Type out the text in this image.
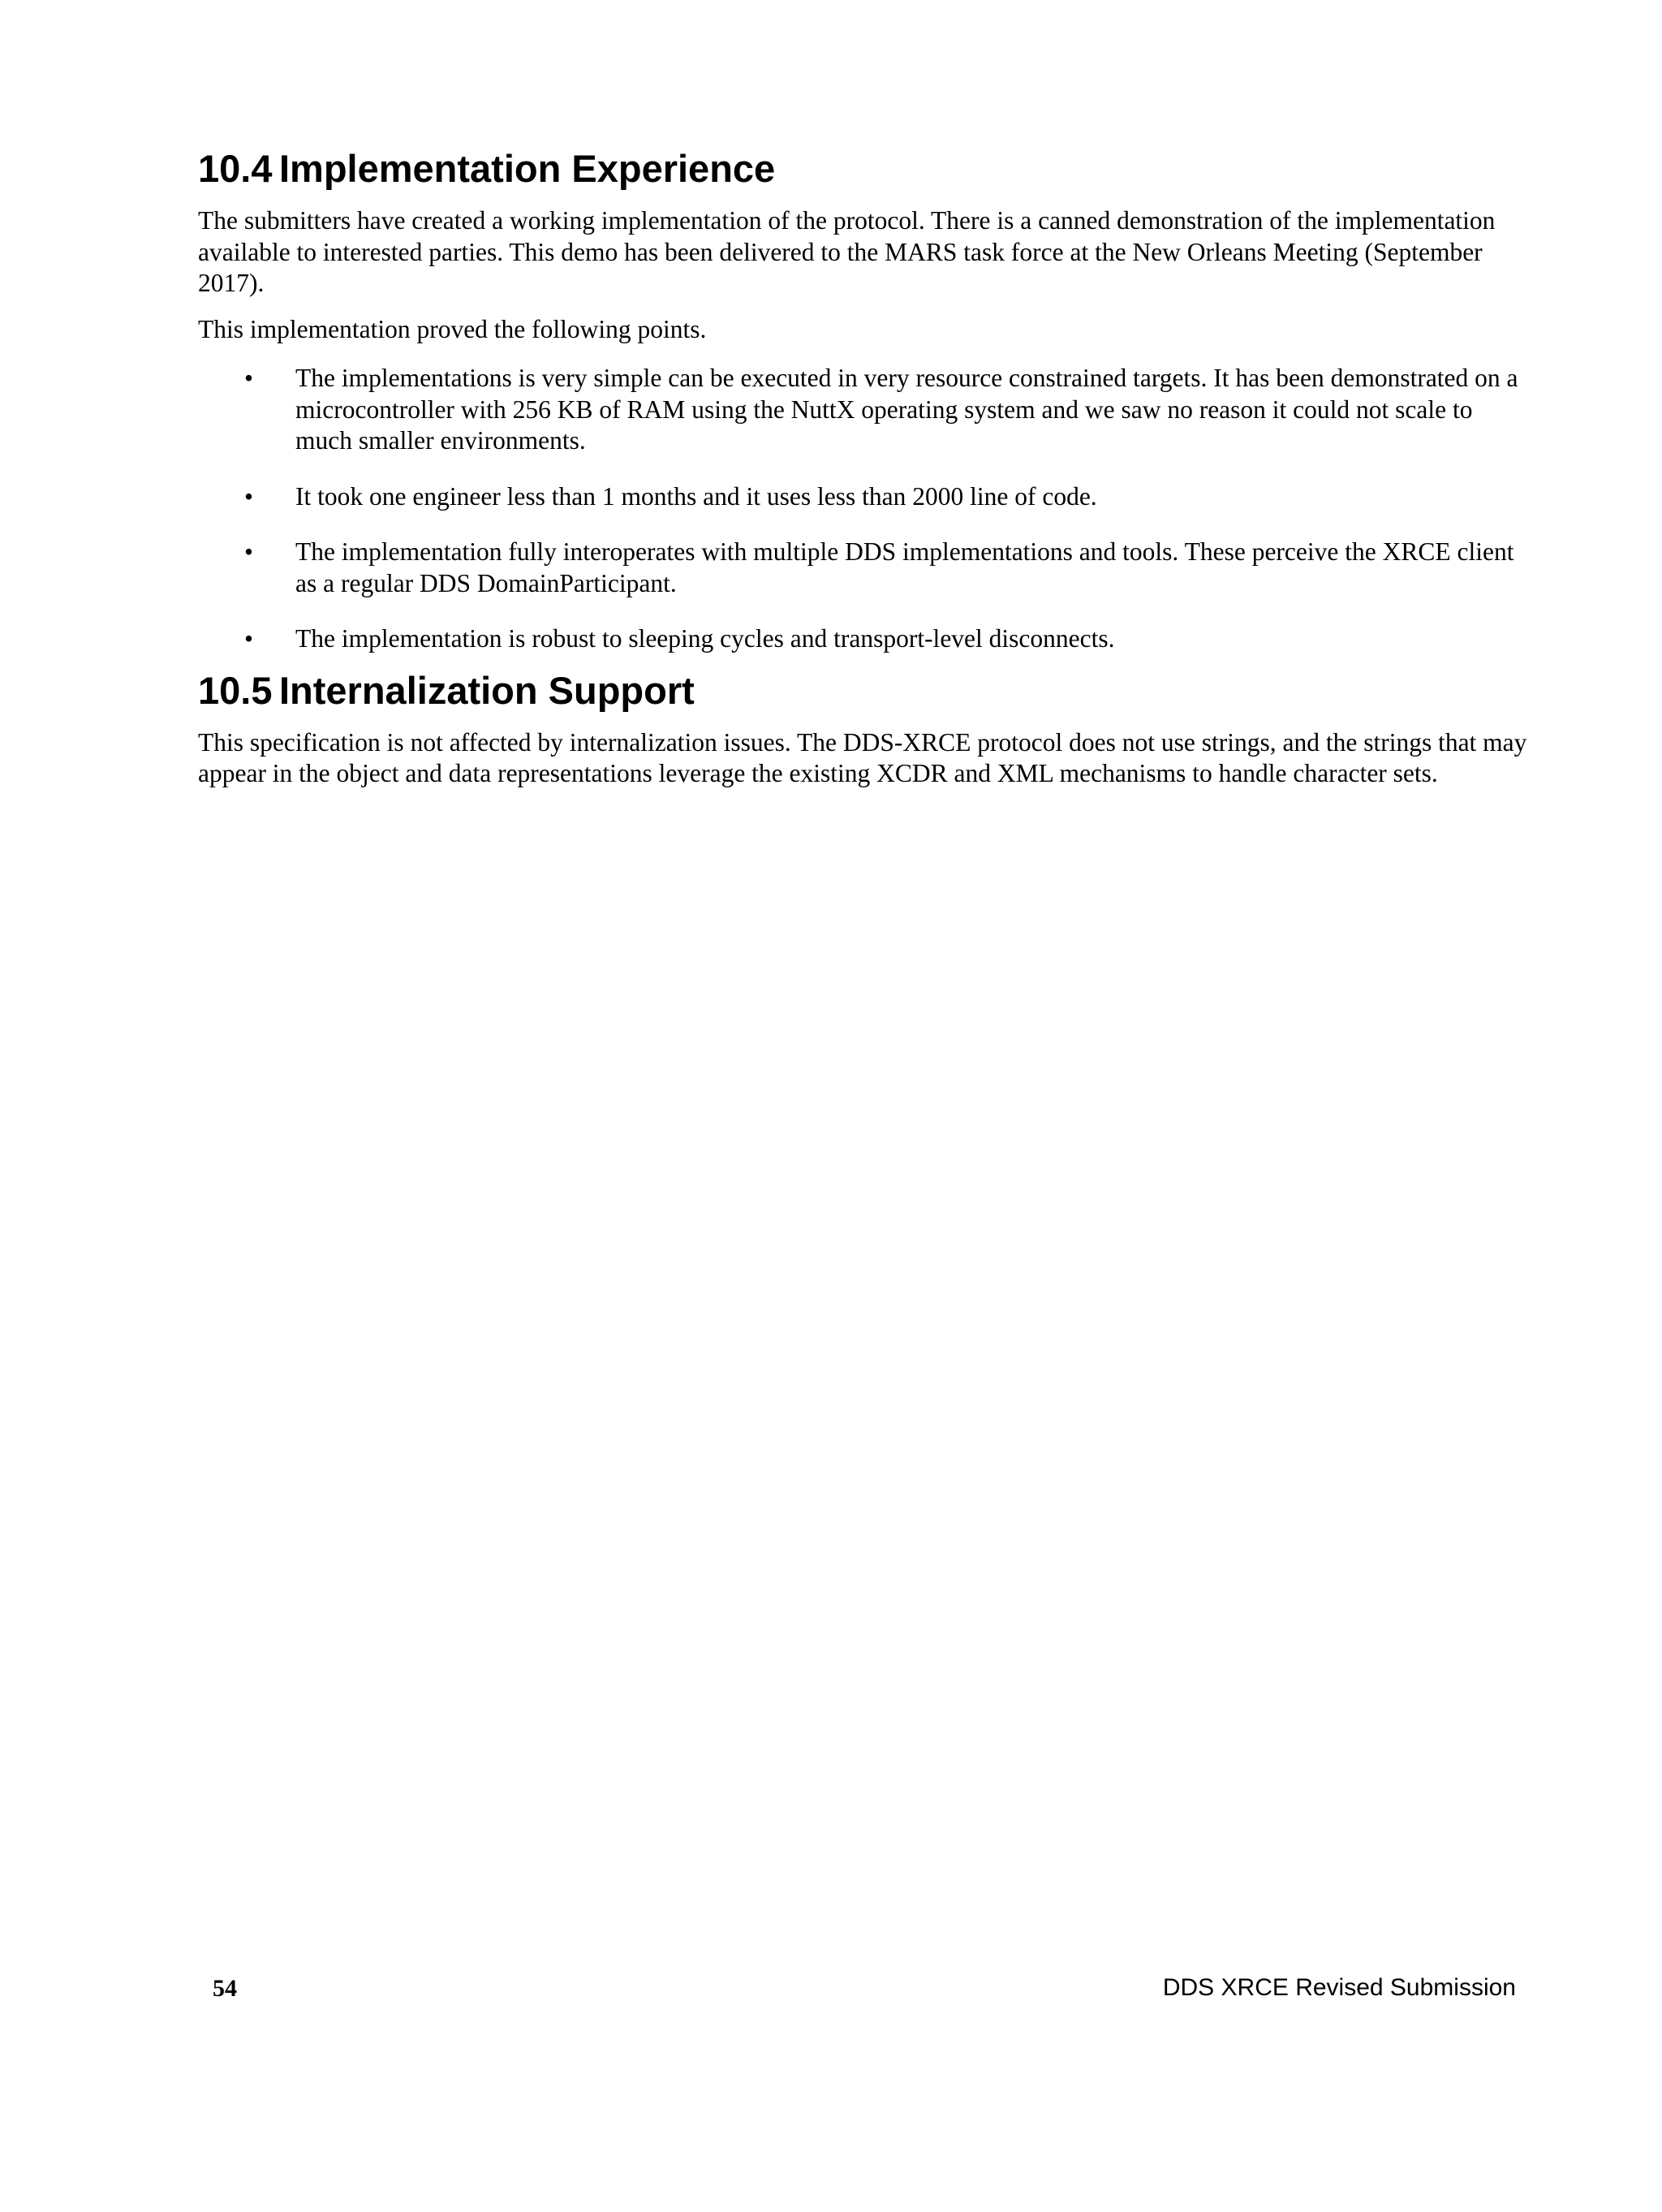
10.4 Implementation Experience

The submitters have created a working implementation of the protocol. There is a canned demonstration of the implementation available to interested parties. This demo has been delivered to the MARS task force at the New Orleans Meeting (September 2017).

This implementation proved the following points.

• The implementations is very simple can be executed in very resource constrained targets. It has been demonstrated on a microcontroller with 256 KB of RAM using the NuttX operating system and we saw no reason it could not scale to much smaller environments.
• It took one engineer less than 1 months and it uses less than 2000 line of code.
• The implementation fully interoperates with multiple DDS implementations and tools. These perceive the XRCE client as a regular DDS DomainParticipant.
• The implementation is robust to sleeping cycles and transport-level disconnects.
10.5 Internalization Support

This specification is not affected by internalization issues. The DDS-XRCE protocol does not use strings, and the strings that may appear in the object and data representations leverage the existing XCDR and XML mechanisms to handle character sets.

54	DDS XRCE Revised Submission
